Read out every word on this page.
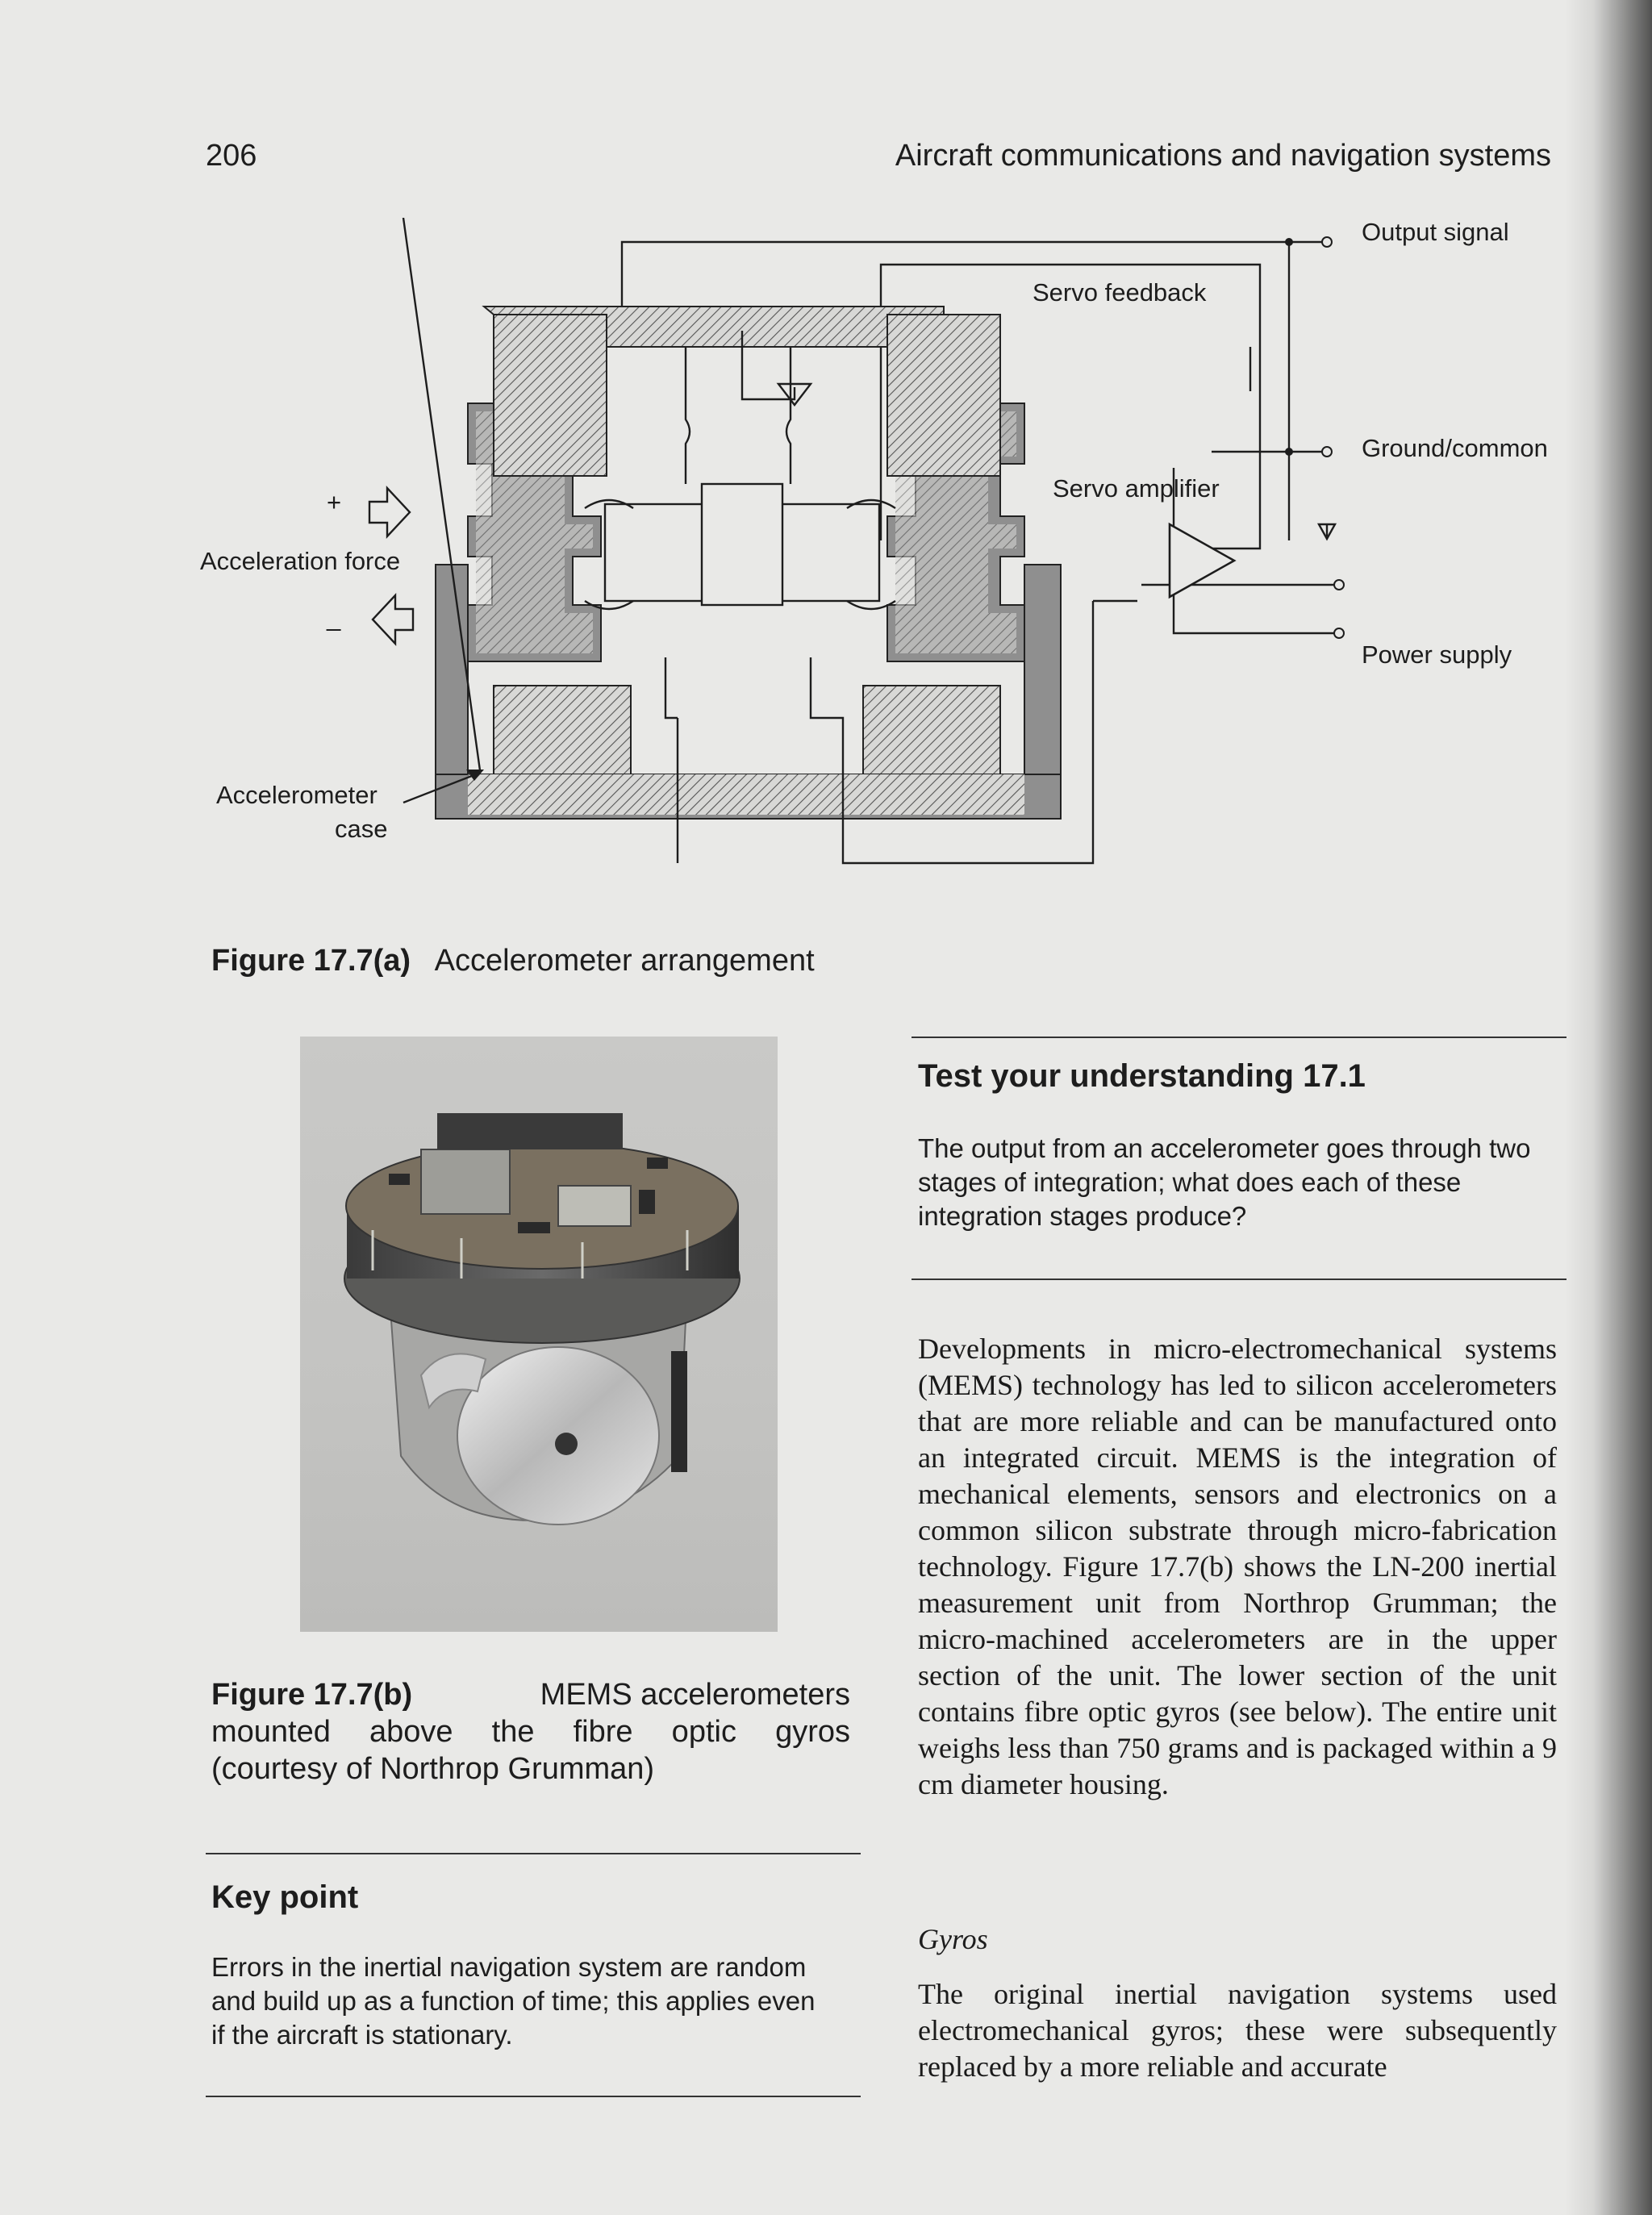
206	Aircraft communications and navigation systems
Output signal
Servo feedback
Ground/common
Servo amplifier
Power supply
+
Acceleration force
_
Accelerometer
case
Figure 17.7(a) Accelerometer arrangement
Figure 17.7(b)	MEMS accelerometers
mounted above the fibre optic gyros
(courtesy of Northrop Grumman)
Key point
Errors in the inertial navigation system are random and build up as a function of time; this applies even if the aircraft is stationary.
Test your understanding 17.1
The output from an accelerometer goes through two stages of integration; what does each of these integration stages produce?
Developments in micro-electromechanical systems (MEMS) technology has led to silicon accelerometers that are more reliable and can be manufactured onto an integrated circuit. MEMS is the integration of mechanical elements, sensors and electronics on a common silicon substrate through micro-fabrication technology. Figure 17.7(b) shows the LN-200 inertial measurement unit from Northrop Grumman; the micro-machined accelerometers are in the upper section of the unit. The lower section of the unit contains fibre optic gyros (see below). The entire unit weighs less than 750 grams and is packaged within a 9 cm diameter housing.
Gyros
The original inertial navigation systems used electromechanical gyros; these were subsequently replaced by a more reliable and accurate
